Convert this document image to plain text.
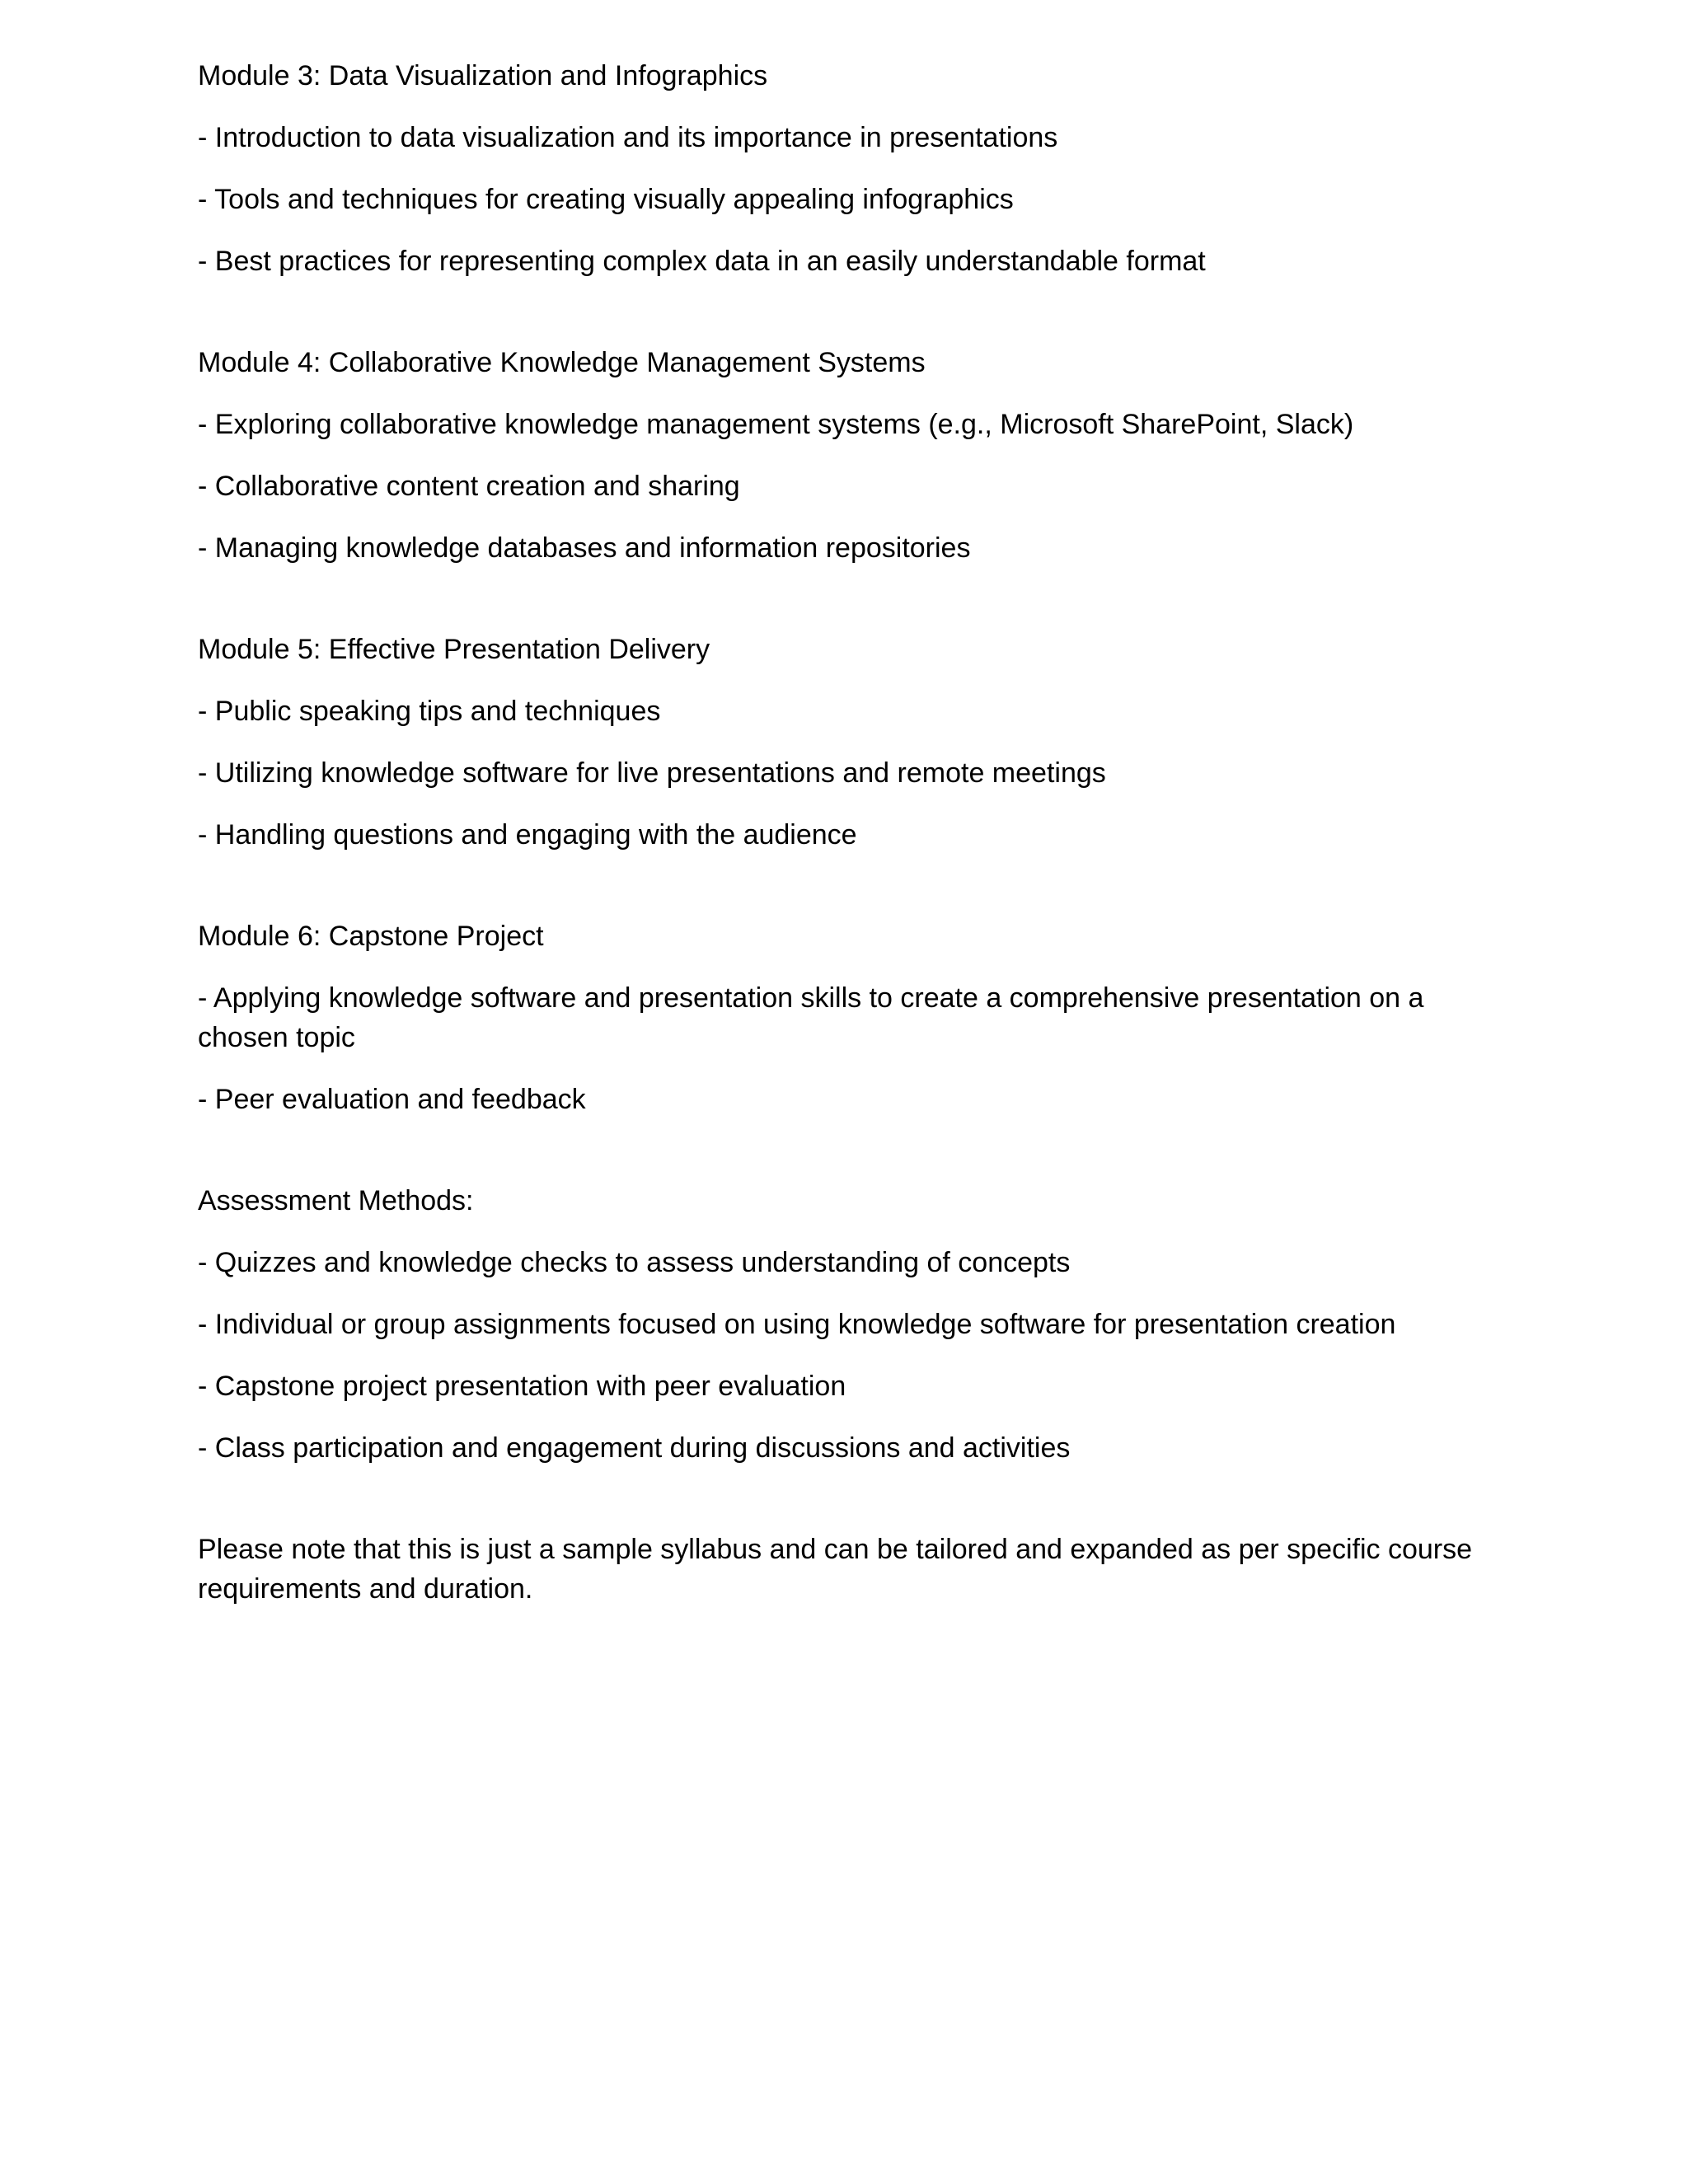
Module 3: Data Visualization and Infographics

- Introduction to data visualization and its importance in presentations

- Tools and techniques for creating visually appealing infographics

- Best practices for representing complex data in an easily understandable format

Module 4: Collaborative Knowledge Management Systems

- Exploring collaborative knowledge management systems (e.g., Microsoft SharePoint, Slack)

- Collaborative content creation and sharing

- Managing knowledge databases and information repositories

Module 5: Effective Presentation Delivery

- Public speaking tips and techniques

- Utilizing knowledge software for live presentations and remote meetings

- Handling questions and engaging with the audience

Module 6: Capstone Project

- Applying knowledge software and presentation skills to create a comprehensive presentation on a chosen topic

- Peer evaluation and feedback

Assessment Methods:

- Quizzes and knowledge checks to assess understanding of concepts

- Individual or group assignments focused on using knowledge software for presentation creation

- Capstone project presentation with peer evaluation

- Class participation and engagement during discussions and activities

Please note that this is just a sample syllabus and can be tailored and expanded as per specific course requirements and duration.
